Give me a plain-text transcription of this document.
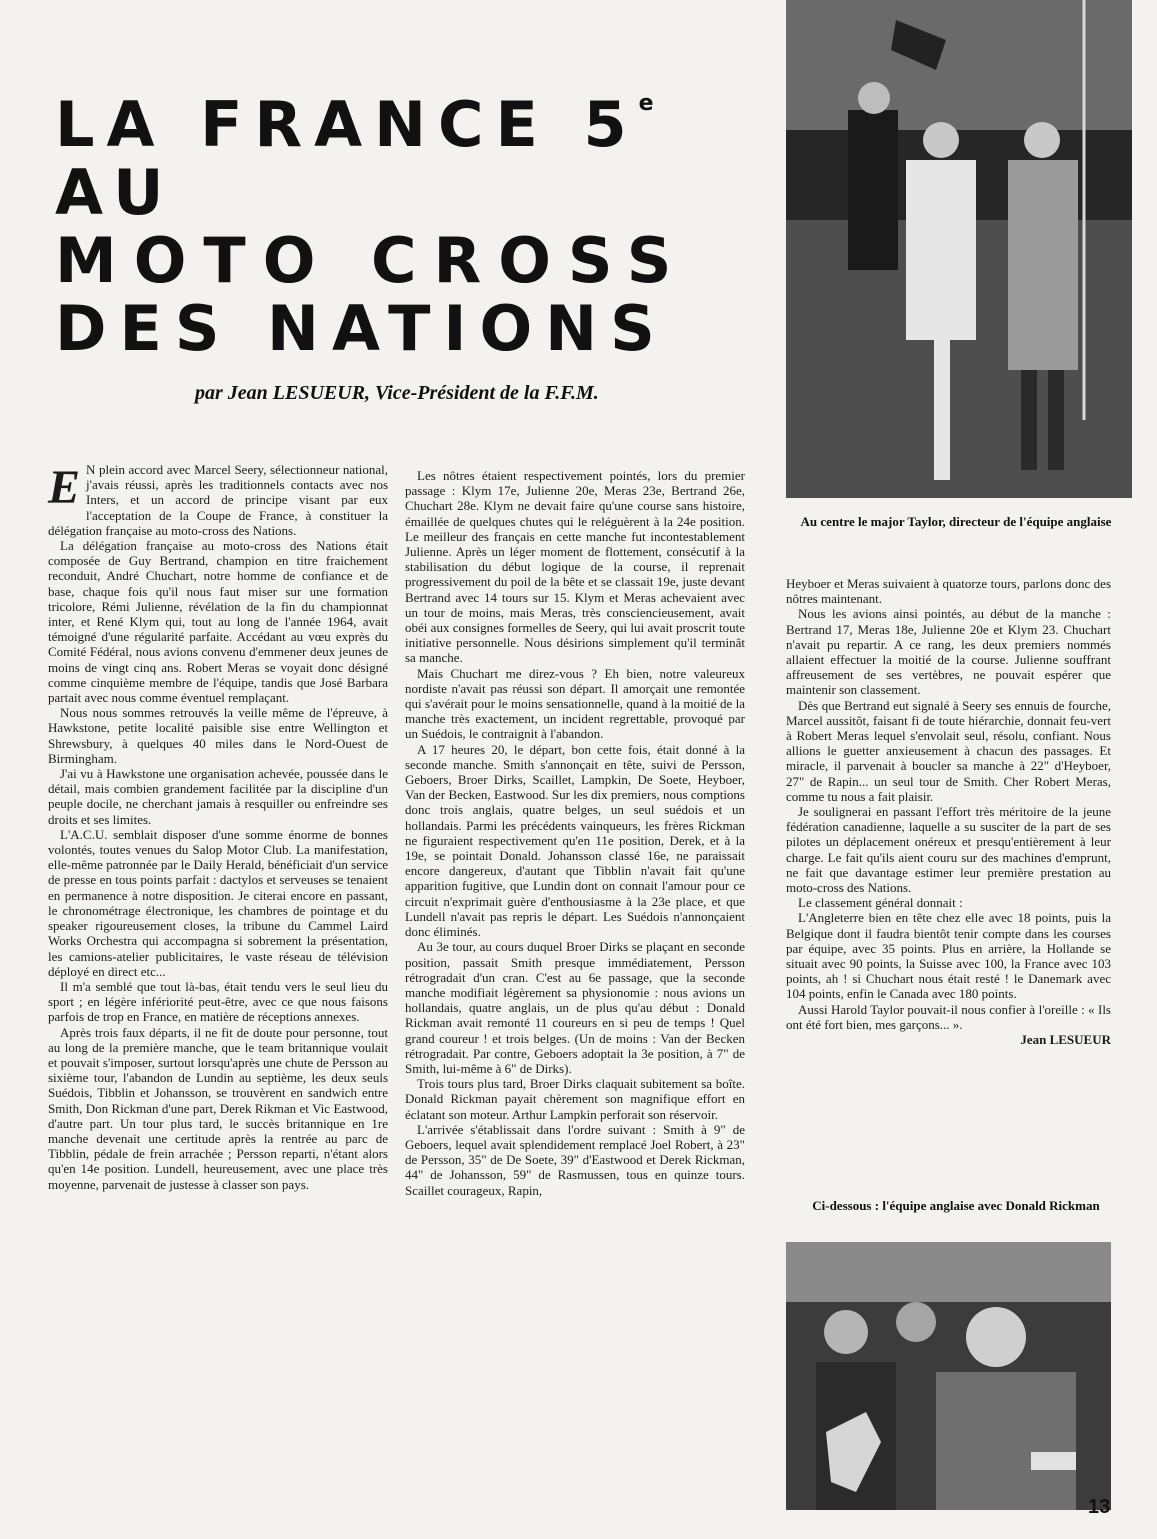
LA FRANCE 5e
AU
MOTO CROSS
DES NATIONS
par Jean LESUEUR, Vice-Président de la F.F.M.
Au centre le major Taylor, directeur de l'équipe anglaise

E N plein accord avec Marcel Seery, sélectionneur national, j'avais réussi, après les traditionnels contacts avec nos Inters, et un accord de principe visant par eux l'acceptation de la Coupe de France, à constituer la délégation française au moto-cross des Nations.

La délégation française au moto-cross des Nations était composée de Guy Bertrand, champion en titre fraichement reconduit, André Chuchart, notre homme de confiance et de base, chaque fois qu'il nous faut miser sur une formation tricolore, Rémi Julienne, révélation de la fin du championnat inter, et René Klym qui, tout au long de l'année 1964, avait témoigné d'une régularité parfaite. Accédant au vœu exprès du Comité Fédéral, nous avions convenu d'emmener deux jeunes de moins de vingt cinq ans. Robert Meras se voyait donc désigné comme cinquième membre de l'équipe, tandis que José Barbara partait avec nous comme éventuel remplaçant.

Nous nous sommes retrouvés la veille même de l'épreuve, à Hawkstone, petite localité paisible sise entre Wellington et Shrewsbury, à quelques 40 miles dans le Nord-Ouest de Birmingham.

J'ai vu à Hawkstone une organisation achevée, poussée dans le détail, mais combien grandement facilitée par la discipline d'un peuple docile, ne cherchant jamais à resquiller ou enfreindre ses droits et ses limites.

L'A.C.U. semblait disposer d'une somme énorme de bonnes volontés, toutes venues du Salop Motor Club. La manifestation, elle-même patronnée par le Daily Herald, bénéficiait d'un service de presse en tous points parfait : dactylos et serveuses se tenaient en permanence à notre disposition. Je citerai encore en passant, le chronométrage électronique, les chambres de pointage et du speaker rigoureusement closes, la tribune du Cammel Laird Works Orchestra qui accompagna si sobrement la présentation, les camions-atelier publicitaires, le vaste réseau de télévision déployé en direct etc...

Il m'a semblé que tout là-bas, était tendu vers le seul lieu du sport ; en légère infériorité peut-être, avec ce que nous faisons parfois de trop en France, en matière de réceptions annexes.

Après trois faux départs, il ne fit de doute pour personne, tout au long de la première manche, que le team britannique voulait et pouvait s'imposer, surtout lorsqu'après une chute de Persson au sixième tour, l'abandon de Lundin au septième, les deux seuls Suédois, Tibblin et Johansson, se trouvèrent en sandwich entre Smith, Don Rickman d'une part, Derek Rikman et Vic Eastwood, d'autre part. Un tour plus tard, le succès britannique en 1re manche devenait une certitude après la rentrée au parc de Tibblin, pédale de frein arrachée ; Persson reparti, n'étant alors qu'en 14e position. Lundell, heureusement, avec une place très moyenne, parvenait de justesse à classer son pays.

Les nôtres étaient respectivement pointés, lors du premier passage : Klym 17e, Julienne 20e, Meras 23e, Bertrand 26e, Chuchart 28e. Klym ne devait faire qu'une course sans histoire, émaillée de quelques chutes qui le reléguèrent à la 24e position. Le meilleur des français en cette manche fut incontestablement Julienne. Après un léger moment de flottement, consécutif à la stabilisation du début logique de la course, il reprenait progressivement du poil de la bête et se classait 19e, juste devant Bertrand avec 14 tours sur 15. Klym et Meras achevaient avec un tour de moins, mais Meras, très consciencieusement, avait obéi aux consignes formelles de Seery, qui lui avait proscrit toute initiative personnelle. Nous désirions simplement qu'il terminât sa manche.

Mais Chuchart me direz-vous ? Eh bien, notre valeureux nordiste n'avait pas réussi son départ. Il amorçait une remontée qui s'avérait pour le moins sensationnelle, quand à la moitié de la manche très exactement, un incident regrettable, provoqué par un Suédois, le contraignit à l'abandon.

A 17 heures 20, le départ, bon cette fois, était donné à la seconde manche. Smith s'annonçait en tête, suivi de Persson, Geboers, Broer Dirks, Scaillet, Lampkin, De Soete, Heyboer, Van der Becken, Eastwood. Sur les dix premiers, nous comptions donc trois anglais, quatre belges, un seul suédois et un hollandais. Parmi les précédents vainqueurs, les frères Rickman ne figuraient respectivement qu'en 11e position, Derek, et à la 19e, se pointait Donald. Johansson classé 16e, ne paraissait encore dangereux, d'autant que Tibblin n'avait fait qu'une apparition fugitive, que Lundin dont on connait l'amour pour ce circuit n'exprimait guère d'enthousiasme à la 23e place, et que Lundell n'avait pas repris le départ. Les Suédois n'annonçaient donc éliminés.

Au 3e tour, au cours duquel Broer Dirks se plaçant en seconde position, passait Smith presque immédiatement, Persson rétrogradait d'un cran. C'est au 6e passage, que la seconde manche modifiait légèrement sa physionomie : nous avions un hollandais, quatre anglais, un de plus qu'au début : Donald Rickman avait remonté 11 coureurs en si peu de temps ! Quel grand coureur ! et trois belges. (Un de moins : Van der Becken rétrogradait. Par contre, Geboers adoptait la 3e position, à 7" de Smith, lui-même à 6" de Dirks).

Trois tours plus tard, Broer Dirks claquait subitement sa boîte. Donald Rickman payait chèrement son magnifique effort en éclatant son moteur. Arthur Lampkin perforait son réservoir.

L'arrivée s'établissait dans l'ordre suivant : Smith à 9" de Geboers, lequel avait splendidement remplacé Joel Robert, à 23" de Persson, 35" de De Soete, 39" d'Eastwood et Derek Rickman, 44" de Johansson, 59" de Rasmussen, tous en quinze tours. Scaillet courageux, Rapin,

Heyboer et Meras suivaient à quatorze tours, parlons donc des nôtres maintenant.

Nous les avions ainsi pointés, au début de la manche : Bertrand 17, Meras 18e, Julienne 20e et Klym 23. Chuchart n'avait pu repartir. A ce rang, les deux premiers nommés allaient effectuer la moitié de la course. Julienne souffrant affreusement de ses vertèbres, ne pouvait espérer que maintenir son classement.

Dès que Bertrand eut signalé à Seery ses ennuis de fourche, Marcel aussitôt, faisant fi de toute hiérarchie, donnait feu-vert à Robert Meras lequel s'envolait seul, résolu, confiant. Nous allions le guetter anxieusement à chacun des passages. Et miracle, il parvenait à boucler sa manche à 22" d'Heyboer, 27" de Rapin... un seul tour de Smith. Cher Robert Meras, comme tu nous a fait plaisir.

Je soulignerai en passant l'effort très méritoire de la jeune fédération canadienne, laquelle a su susciter de la part de ses pilotes un déplacement onéreux et presqu'entièrement à leur charge. Le fait qu'ils aient couru sur des machines d'emprunt, ne fait que davantage estimer leur première prestation au moto-cross des Nations.

Le classement général donnait :

L'Angleterre bien en tête chez elle avec 18 points, puis la Belgique dont il faudra bientôt tenir compte dans les courses par équipe, avec 35 points. Plus en arrière, la Hollande se situait avec 90 points, la Suisse avec 100, la France avec 103 points, ah ! si Chuchart nous était resté ! le Danemark avec 104 points, enfin le Canada avec 180 points.

Aussi Harold Taylor pouvait-il nous confier à l'oreille : « Ils ont été fort bien, mes garçons... ».

Jean LESUEUR

Ci-dessous : l'équipe anglaise avec Donald Rickman
13
